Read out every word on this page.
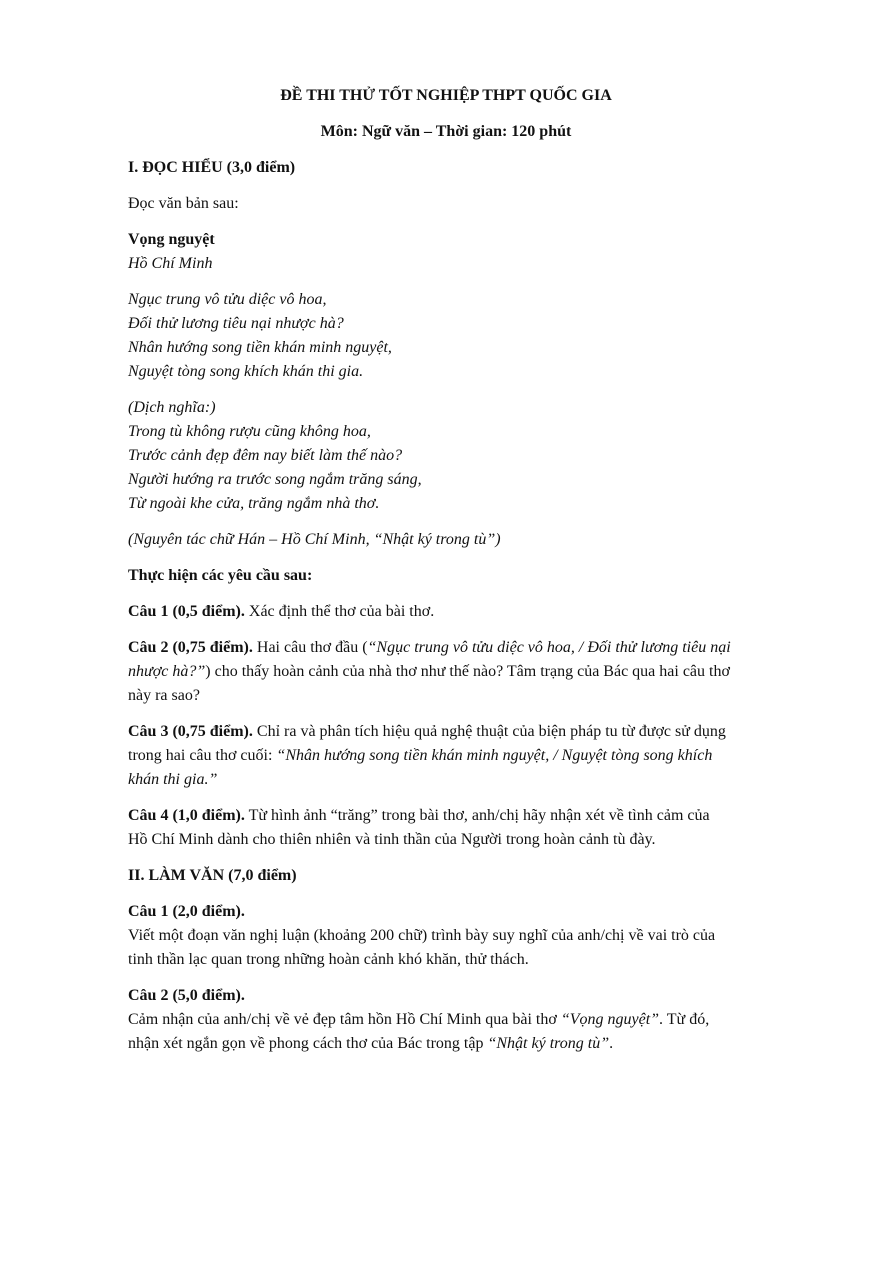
ĐỀ THI THỬ TỐT NGHIỆP THPT QUỐC GIA

Môn: Ngữ văn – Thời gian: 120 phút

I. ĐỌC HIỂU (3,0 điểm)

Đọc văn bản sau:

Vọng nguyệt
Hồ Chí Minh
Ngục trung vô tửu diệc vô hoa,
Đối thử lương tiêu nại nhược hà?
Nhân hướng song tiền khán minh nguyệt,
Nguyệt tòng song khích khán thi gia.
(Dịch nghĩa:)
Trong tù không rượu cũng không hoa,
Trước cảnh đẹp đêm nay biết làm thế nào?
Người hướng ra trước song ngắm trăng sáng,
Từ ngoài khe cửa, trăng ngắm nhà thơ.

(Nguyên tác chữ Hán – Hồ Chí Minh, “Nhật ký trong tù”)

Thực hiện các yêu cầu sau:

Câu 1 (0,5 điểm). Xác định thể thơ của bài thơ.

Câu 2 (0,75 điểm). Hai câu thơ đầu (“Ngục trung vô tửu diệc vô hoa, / Đối thử lương tiêu nại
nhược hà?”) cho thấy hoàn cảnh của nhà thơ như thế nào? Tâm trạng của Bác qua hai câu thơ
này ra sao?
Câu 3 (0,75 điểm). Chỉ ra và phân tích hiệu quả nghệ thuật của biện pháp tu từ được sử dụng
trong hai câu thơ cuối: “Nhân hướng song tiền khán minh nguyệt, / Nguyệt tòng song khích
khán thi gia.”
Câu 4 (1,0 điểm). Từ hình ảnh “trăng” trong bài thơ, anh/chị hãy nhận xét về tình cảm của
Hồ Chí Minh dành cho thiên nhiên và tinh thần của Người trong hoàn cảnh tù đày.

II. LÀM VĂN (7,0 điểm)

Câu 1 (2,0 điểm).
Viết một đoạn văn nghị luận (khoảng 200 chữ) trình bày suy nghĩ của anh/chị về vai trò của
tinh thần lạc quan trong những hoàn cảnh khó khăn, thử thách.
Câu 2 (5,0 điểm).
Cảm nhận của anh/chị về vẻ đẹp tâm hồn Hồ Chí Minh qua bài thơ “Vọng nguyệt”. Từ đó,
nhận xét ngắn gọn về phong cách thơ của Bác trong tập “Nhật ký trong tù”.
